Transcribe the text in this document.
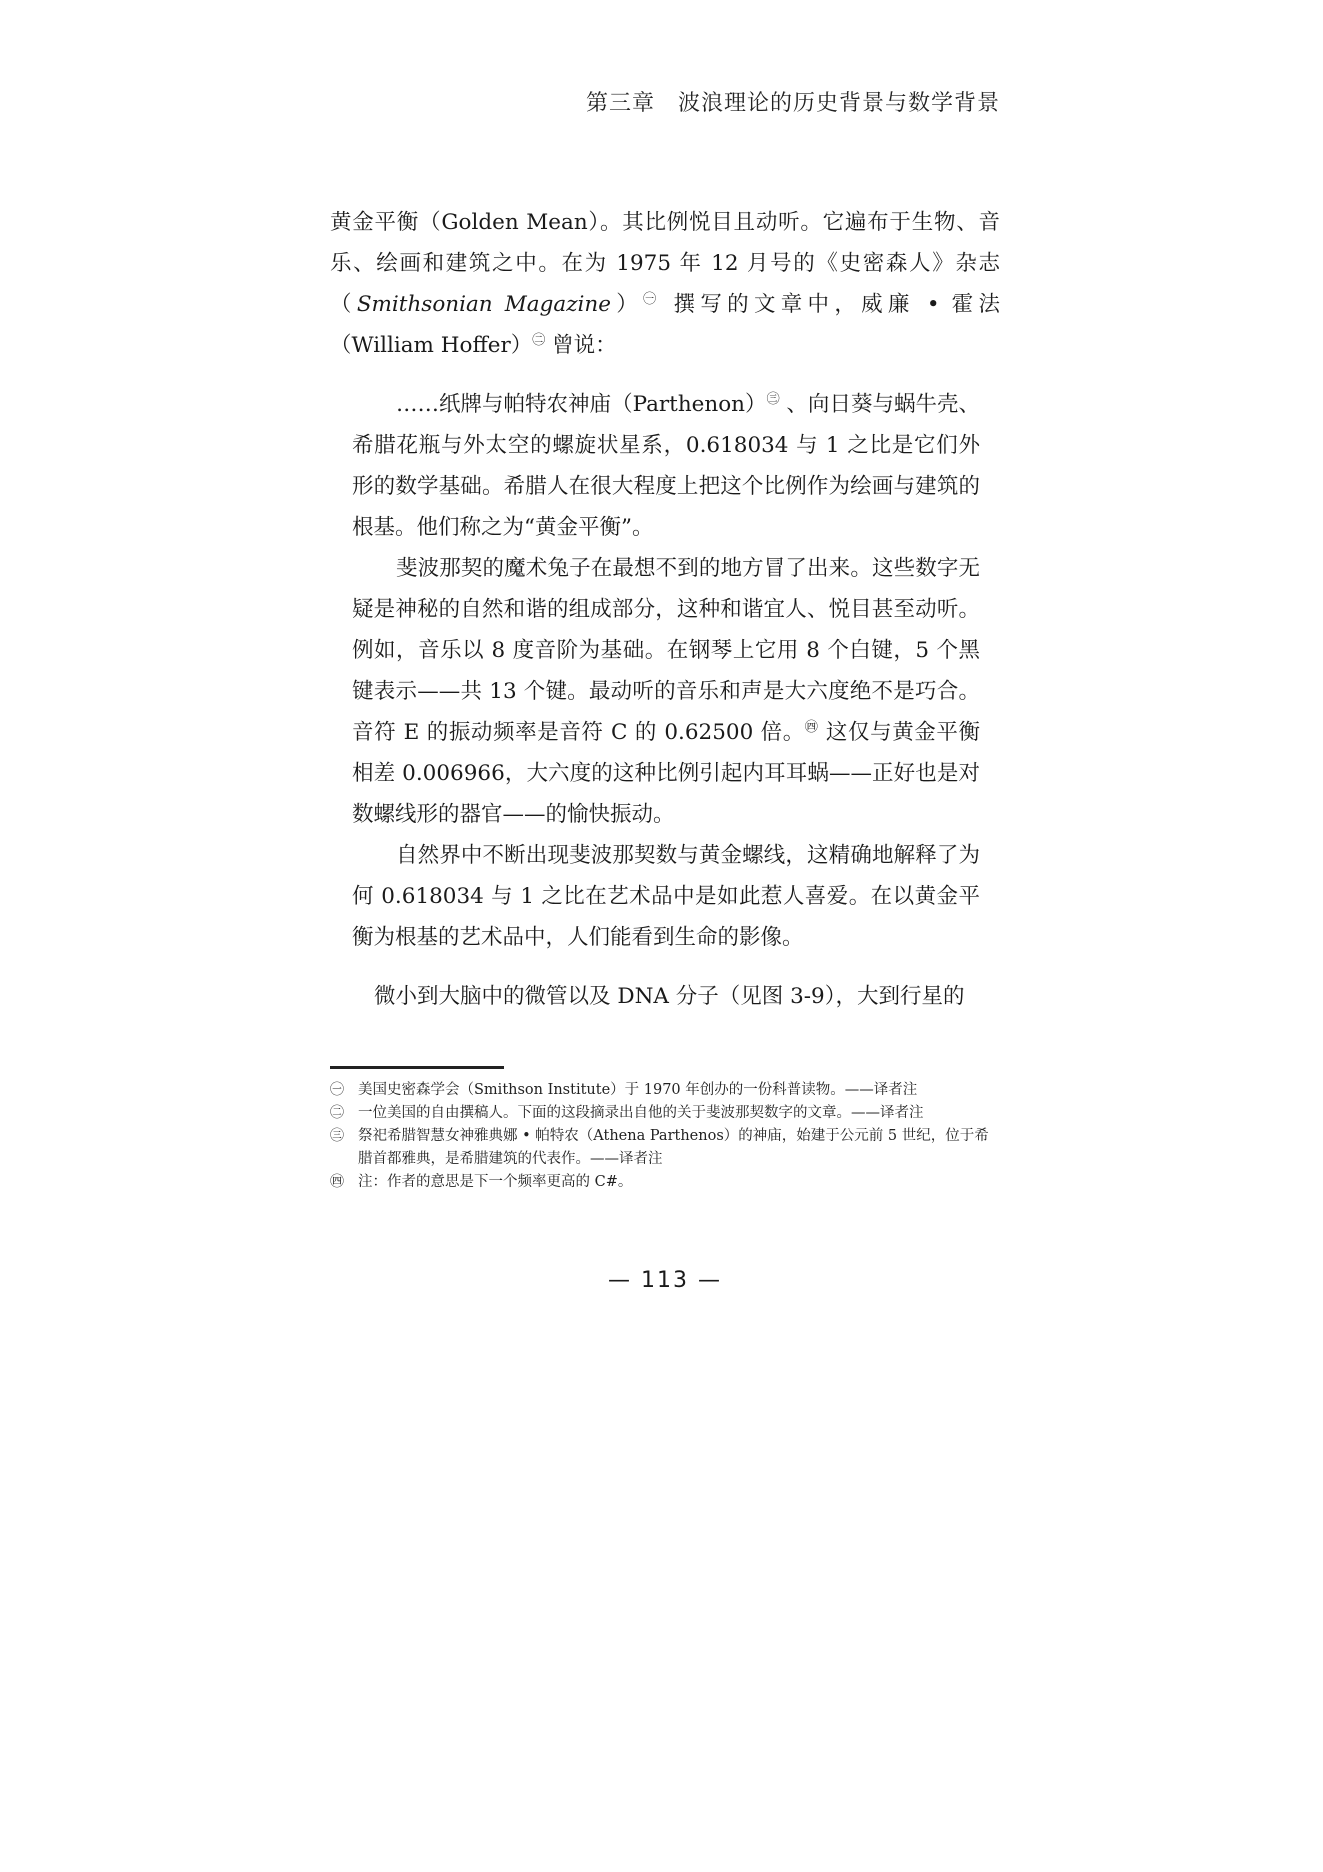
第三章　波浪理论的历史背景与数学背景

黄金平衡（Golden Mean）。其比例悦目且动听。它遍布于生物、音乐、绘画和建筑之中。在为 1975 年 12 月号的《史密森人》杂志（Smithsonian Magazine）$^㊀$ 撰写的文章中，威廉 • 霍法（William Hoffer）$^㊁$ 曾说：

……纸牌与帕特农神庙（Parthenon）$^㊂$ 、向日葵与蜗牛壳、希腊花瓶与外太空的螺旋状星系，0.618034 与 1 之比是它们外形的数学基础。希腊人在很大程度上把这个比例作为绘画与建筑的根基。他们称之为“黄金平衡”。

斐波那契的魔术兔子在最想不到的地方冒了出来。这些数字无疑是神秘的自然和谐的组成部分，这种和谐宜人、悦目甚至动听。例如，音乐以 8 度音阶为基础。在钢琴上它用 8 个白键，5 个黑键表示——共 13 个键。最动听的音乐和声是大六度绝不是巧合。音符 E 的振动频率是音符 C 的 0.62500 倍。$^㊃$ 这仅与黄金平衡相差 0.006966，大六度的这种比例引起内耳耳蜗——正好也是对数螺线形的器官——的愉快振动。

自然界中不断出现斐波那契数与黄金螺线，这精确地解释了为何 0.618034 与 1 之比在艺术品中是如此惹人喜爱。在以黄金平衡为根基的艺术品中，人们能看到生命的影像。

微小到大脑中的微管以及 DNA 分子（见图 3-9），大到行星的
㊀ 美国史密森学会（Smithson Institute）于 1970 年创办的一份科普读物。——译者注
㊁ 一位美国的自由撰稿人。下面的这段摘录出自他的关于斐波那契数字的文章。——译者注
㊂ 祭祀希腊智慧女神雅典娜 • 帕特农（Athena Parthenos）的神庙，始建于公元前 5 世纪，位于希腊首都雅典，是希腊建筑的代表作。——译者注
㊃ 注：作者的意思是下一个频率更高的 C#。
— 113 —
